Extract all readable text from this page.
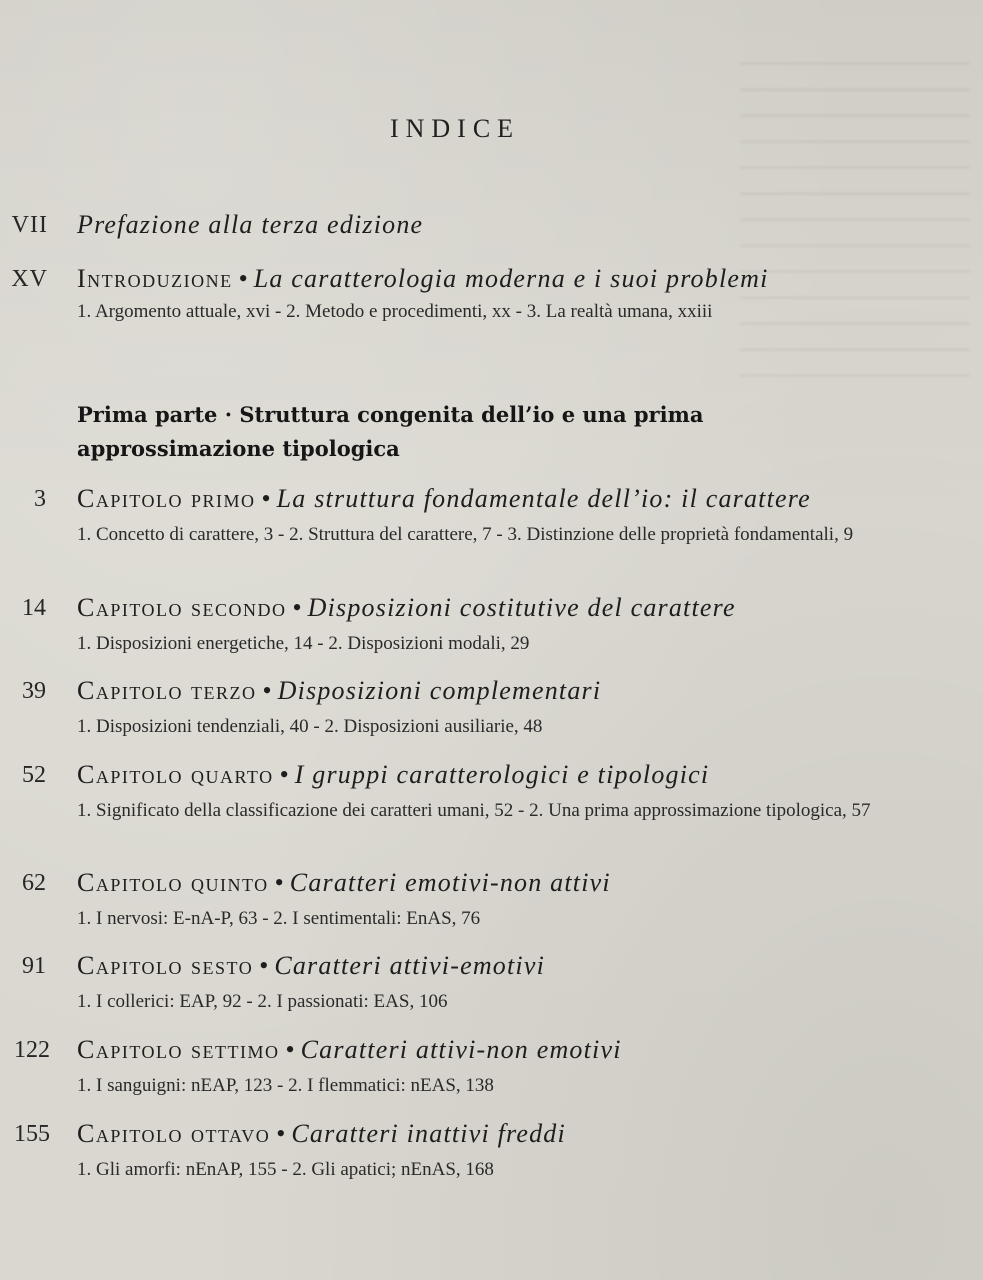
INDICE
VII Prefazione alla terza edizione
XV Introduzione • La caratterologia moderna e i suoi problemi
1. Argomento attuale, xvi - 2. Metodo e procedimenti, xx - 3. La realtà umana, xxiii
Prima parte · Struttura congenita dell’io e una prima approssimazione tipologica
3 Capitolo primo • La struttura fondamentale dell’io: il carattere
1. Concetto di carattere, 3 - 2. Struttura del carattere, 7 - 3. Distinzione delle proprietà fondamentali, 9
14 Capitolo secondo • Disposizioni costitutive del carattere
1. Disposizioni energetiche, 14 - 2. Disposizioni modali, 29
39 Capitolo terzo • Disposizioni complementari
1. Disposizioni tendenziali, 40 - 2. Disposizioni ausiliarie, 48
52 Capitolo quarto • I gruppi caratterologici e tipologici
1. Significato della classificazione dei caratteri umani, 52 - 2. Una prima approssimazione tipologica, 57
62 Capitolo quinto • Caratteri emotivi-non attivi
1. I nervosi: E-nA-P, 63 - 2. I sentimentali: EnAS, 76
91 Capitolo sesto • Caratteri attivi-emotivi
1. I collerici: EAP, 92 - 2. I passionati: EAS, 106
122 Capitolo settimo • Caratteri attivi-non emotivi
1. I sanguigni: nEAP, 123 - 2. I flemmatici: nEAS, 138
155 Capitolo ottavo • Caratteri inattivi freddi
1. Gli amorfi: nEnAP, 155 - 2. Gli apatici; nEnAS, 168
